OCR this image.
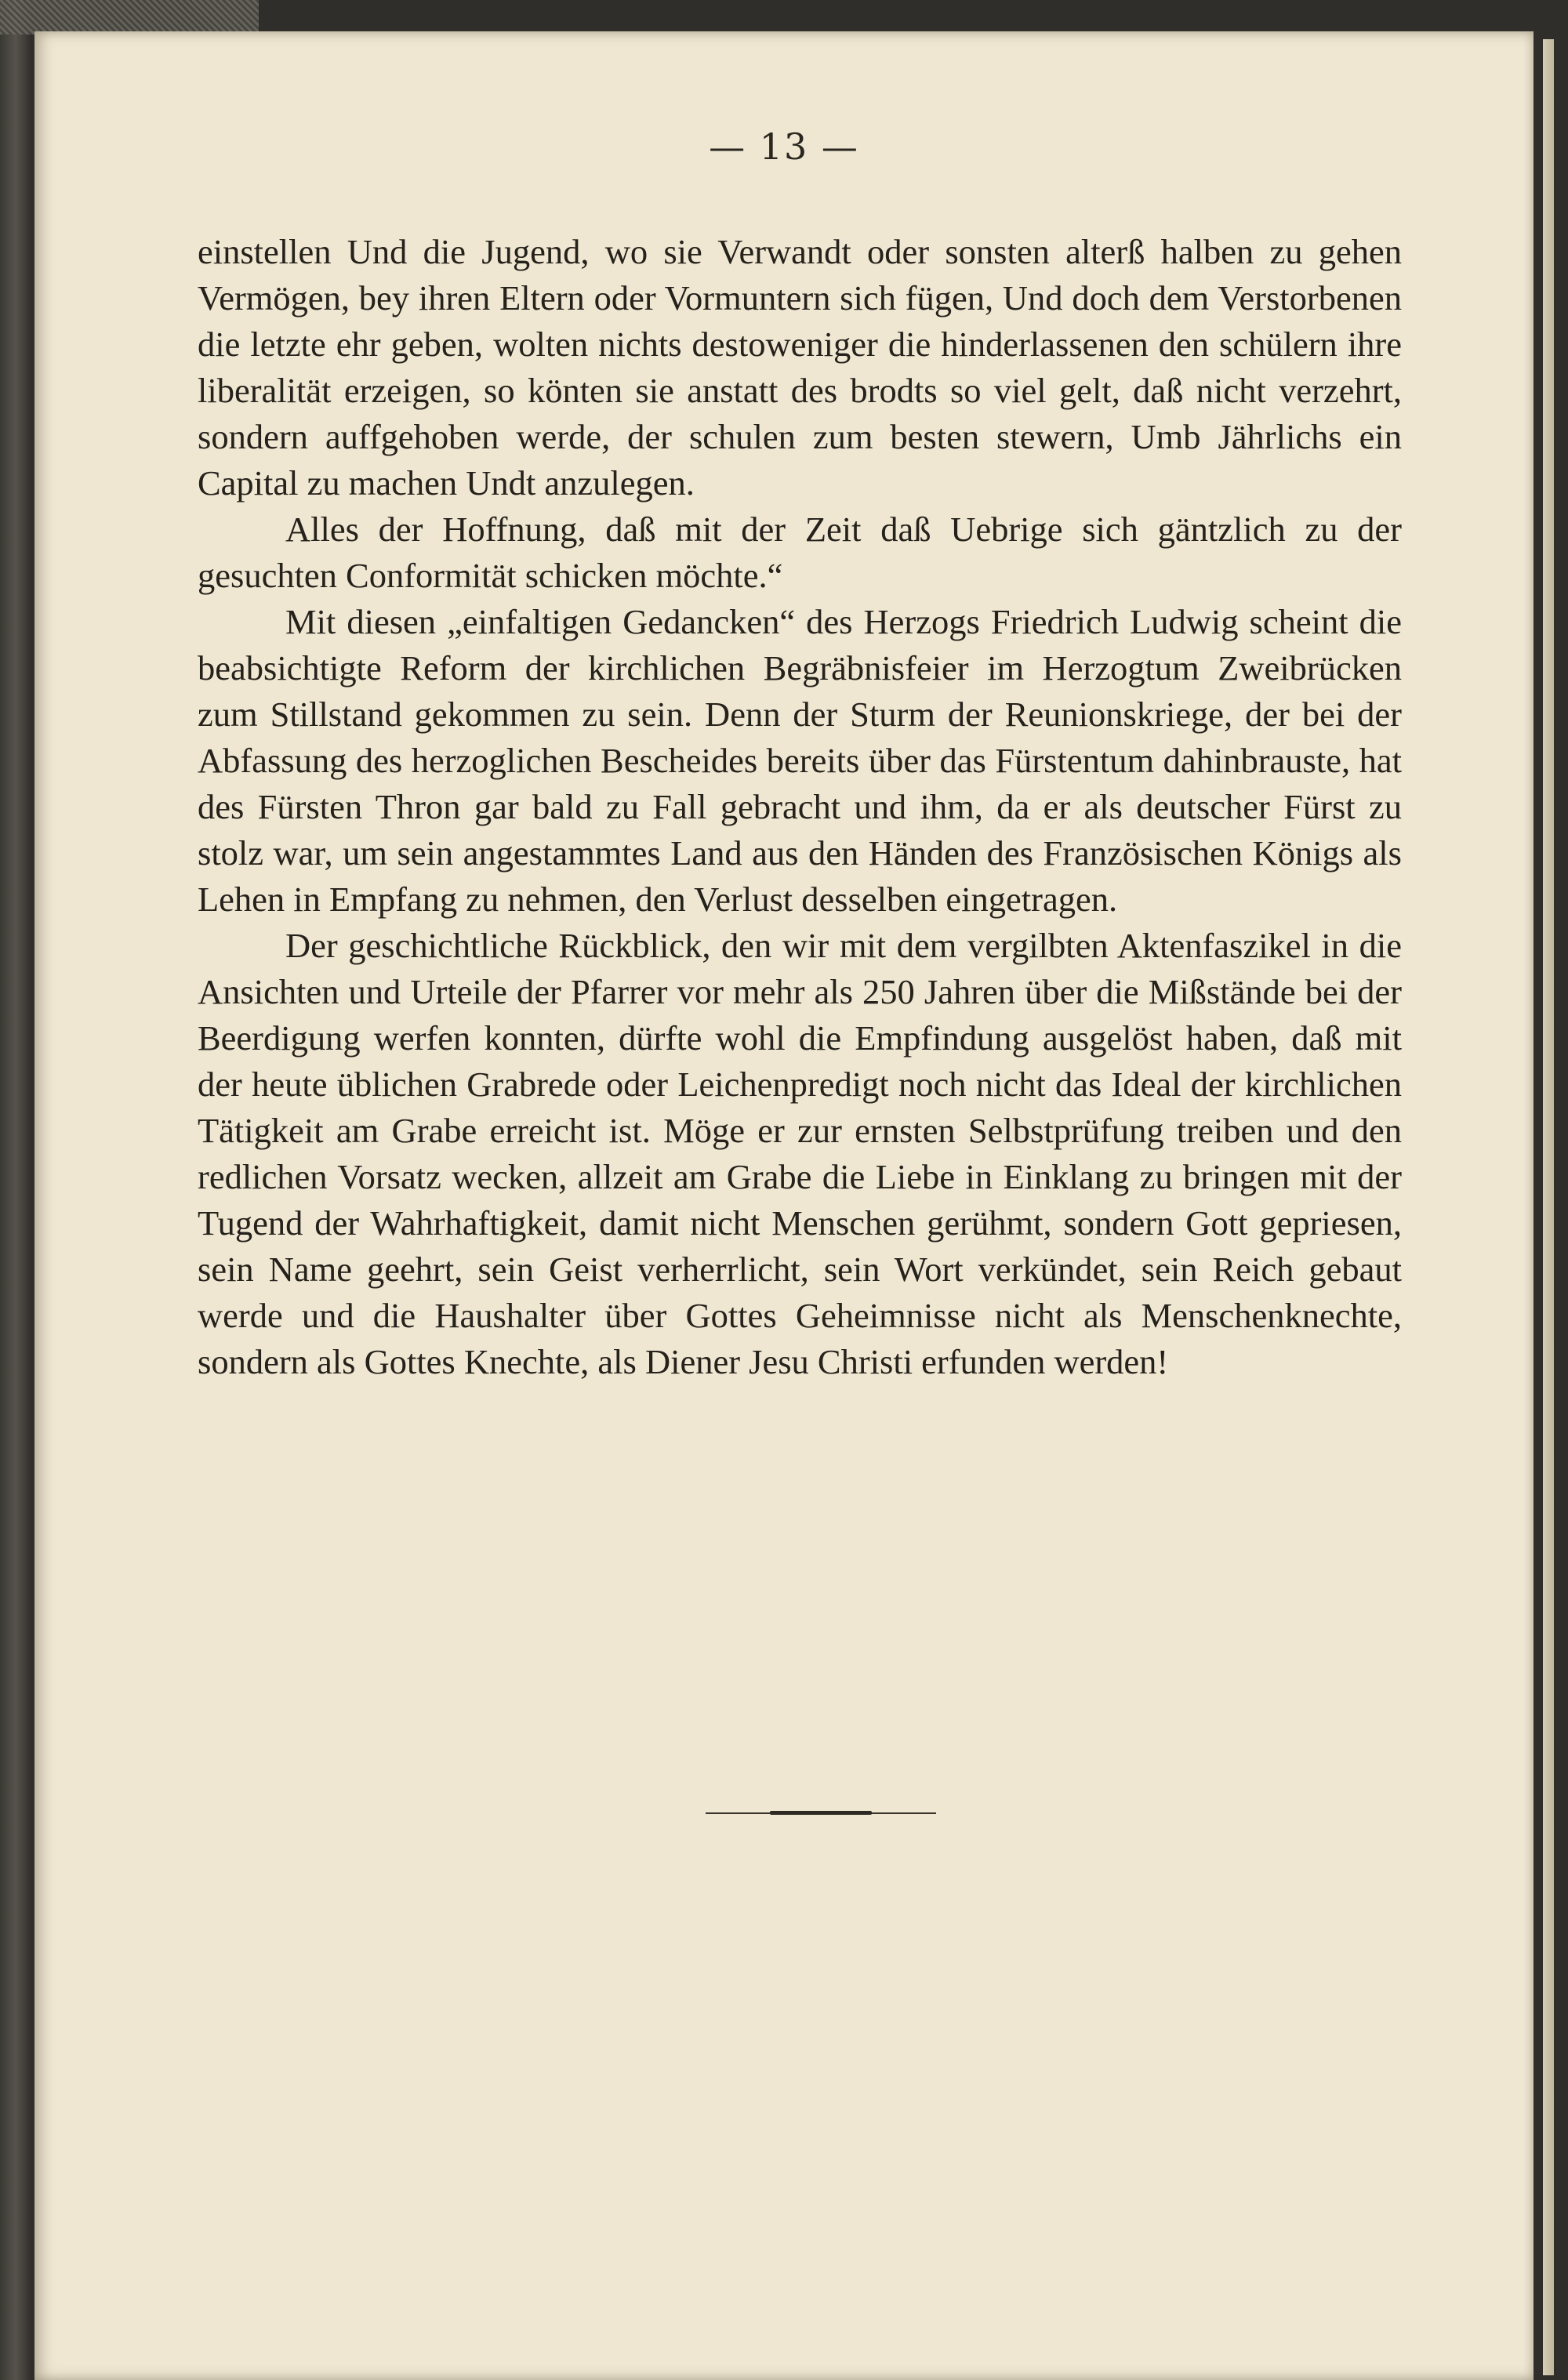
— 13 —

einstellen Und die Jugend, wo sie Verwandt oder sonsten alterß halben zu gehen Vermögen, bey ihren Eltern oder Vormuntern sich fügen, Und doch dem Verstorbenen die letzte ehr geben, wolten nichts destoweniger die hinderlassenen den schülern ihre liberalität erzeigen, so könten sie anstatt des brodts so viel gelt, daß nicht verzehrt, sondern auffgehoben werde, der schulen zum besten stewern, Umb Jährlichs ein Capital zu machen Undt anzulegen.

Alles der Hoffnung, daß mit der Zeit daß Uebrige sich gäntzlich zu der gesuchten Conformität schicken möchte.“

Mit diesen „einfaltigen Gedancken“ des Herzogs Friedrich Ludwig scheint die beabsichtigte Reform der kirchlichen Begräbnisfeier im Herzogtum Zweibrücken zum Stillstand gekommen zu sein. Denn der Sturm der Reunionskriege, der bei der Abfassung des herzoglichen Bescheides bereits über das Fürstentum dahinbrauste, hat des Fürsten Thron gar bald zu Fall gebracht und ihm, da er als deutscher Fürst zu stolz war, um sein angestammtes Land aus den Händen des Französischen Königs als Lehen in Empfang zu nehmen, den Verlust desselben eingetragen.

Der geschichtliche Rückblick, den wir mit dem vergilbten Aktenfaszikel in die Ansichten und Urteile der Pfarrer vor mehr als 250 Jahren über die Mißstände bei der Beerdigung werfen konnten, dürfte wohl die Empfindung ausgelöst haben, daß mit der heute üblichen Grabrede oder Leichenpredigt noch nicht das Ideal der kirchlichen Tätigkeit am Grabe erreicht ist. Möge er zur ernsten Selbstprüfung treiben und den redlichen Vorsatz wecken, allzeit am Grabe die Liebe in Einklang zu bringen mit der Tugend der Wahrhaftigkeit, damit nicht Menschen gerühmt, sondern Gott gepriesen, sein Name geehrt, sein Geist verherrlicht, sein Wort verkündet, sein Reich gebaut werde und die Haushalter über Gottes Geheimnisse nicht als Menschenknechte, sondern als Gottes Knechte, als Diener Jesu Christi erfunden werden!
